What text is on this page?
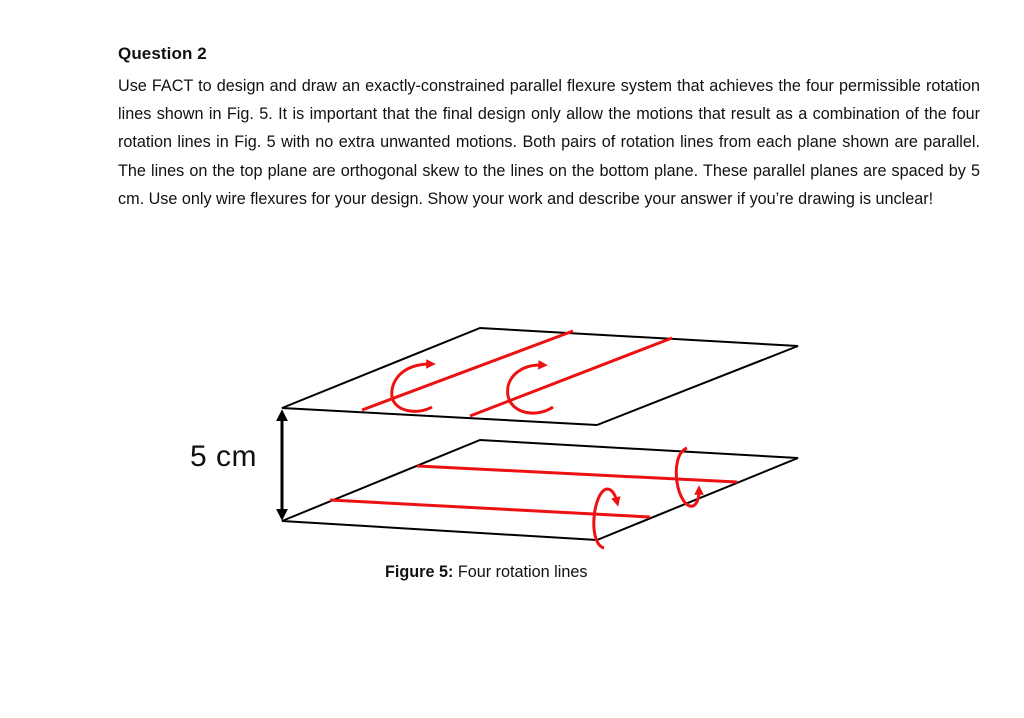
Question 2

Use FACT to design and draw an exactly-constrained parallel flexure system that achieves the four permissible rotation lines shown in Fig. 5. It is important that the final design only allow the motions that result as a combination of the four rotation lines in Fig. 5 with no extra unwanted motions. Both pairs of rotation lines from each plane shown are parallel. The lines on the top plane are orthogonal skew to the lines on the bottom plane. These parallel planes are spaced by 5 cm. Use only wire flexures for your design. Show your work and describe your answer if you’re drawing is unclear!

5 cm

Figure 5: Four rotation lines
